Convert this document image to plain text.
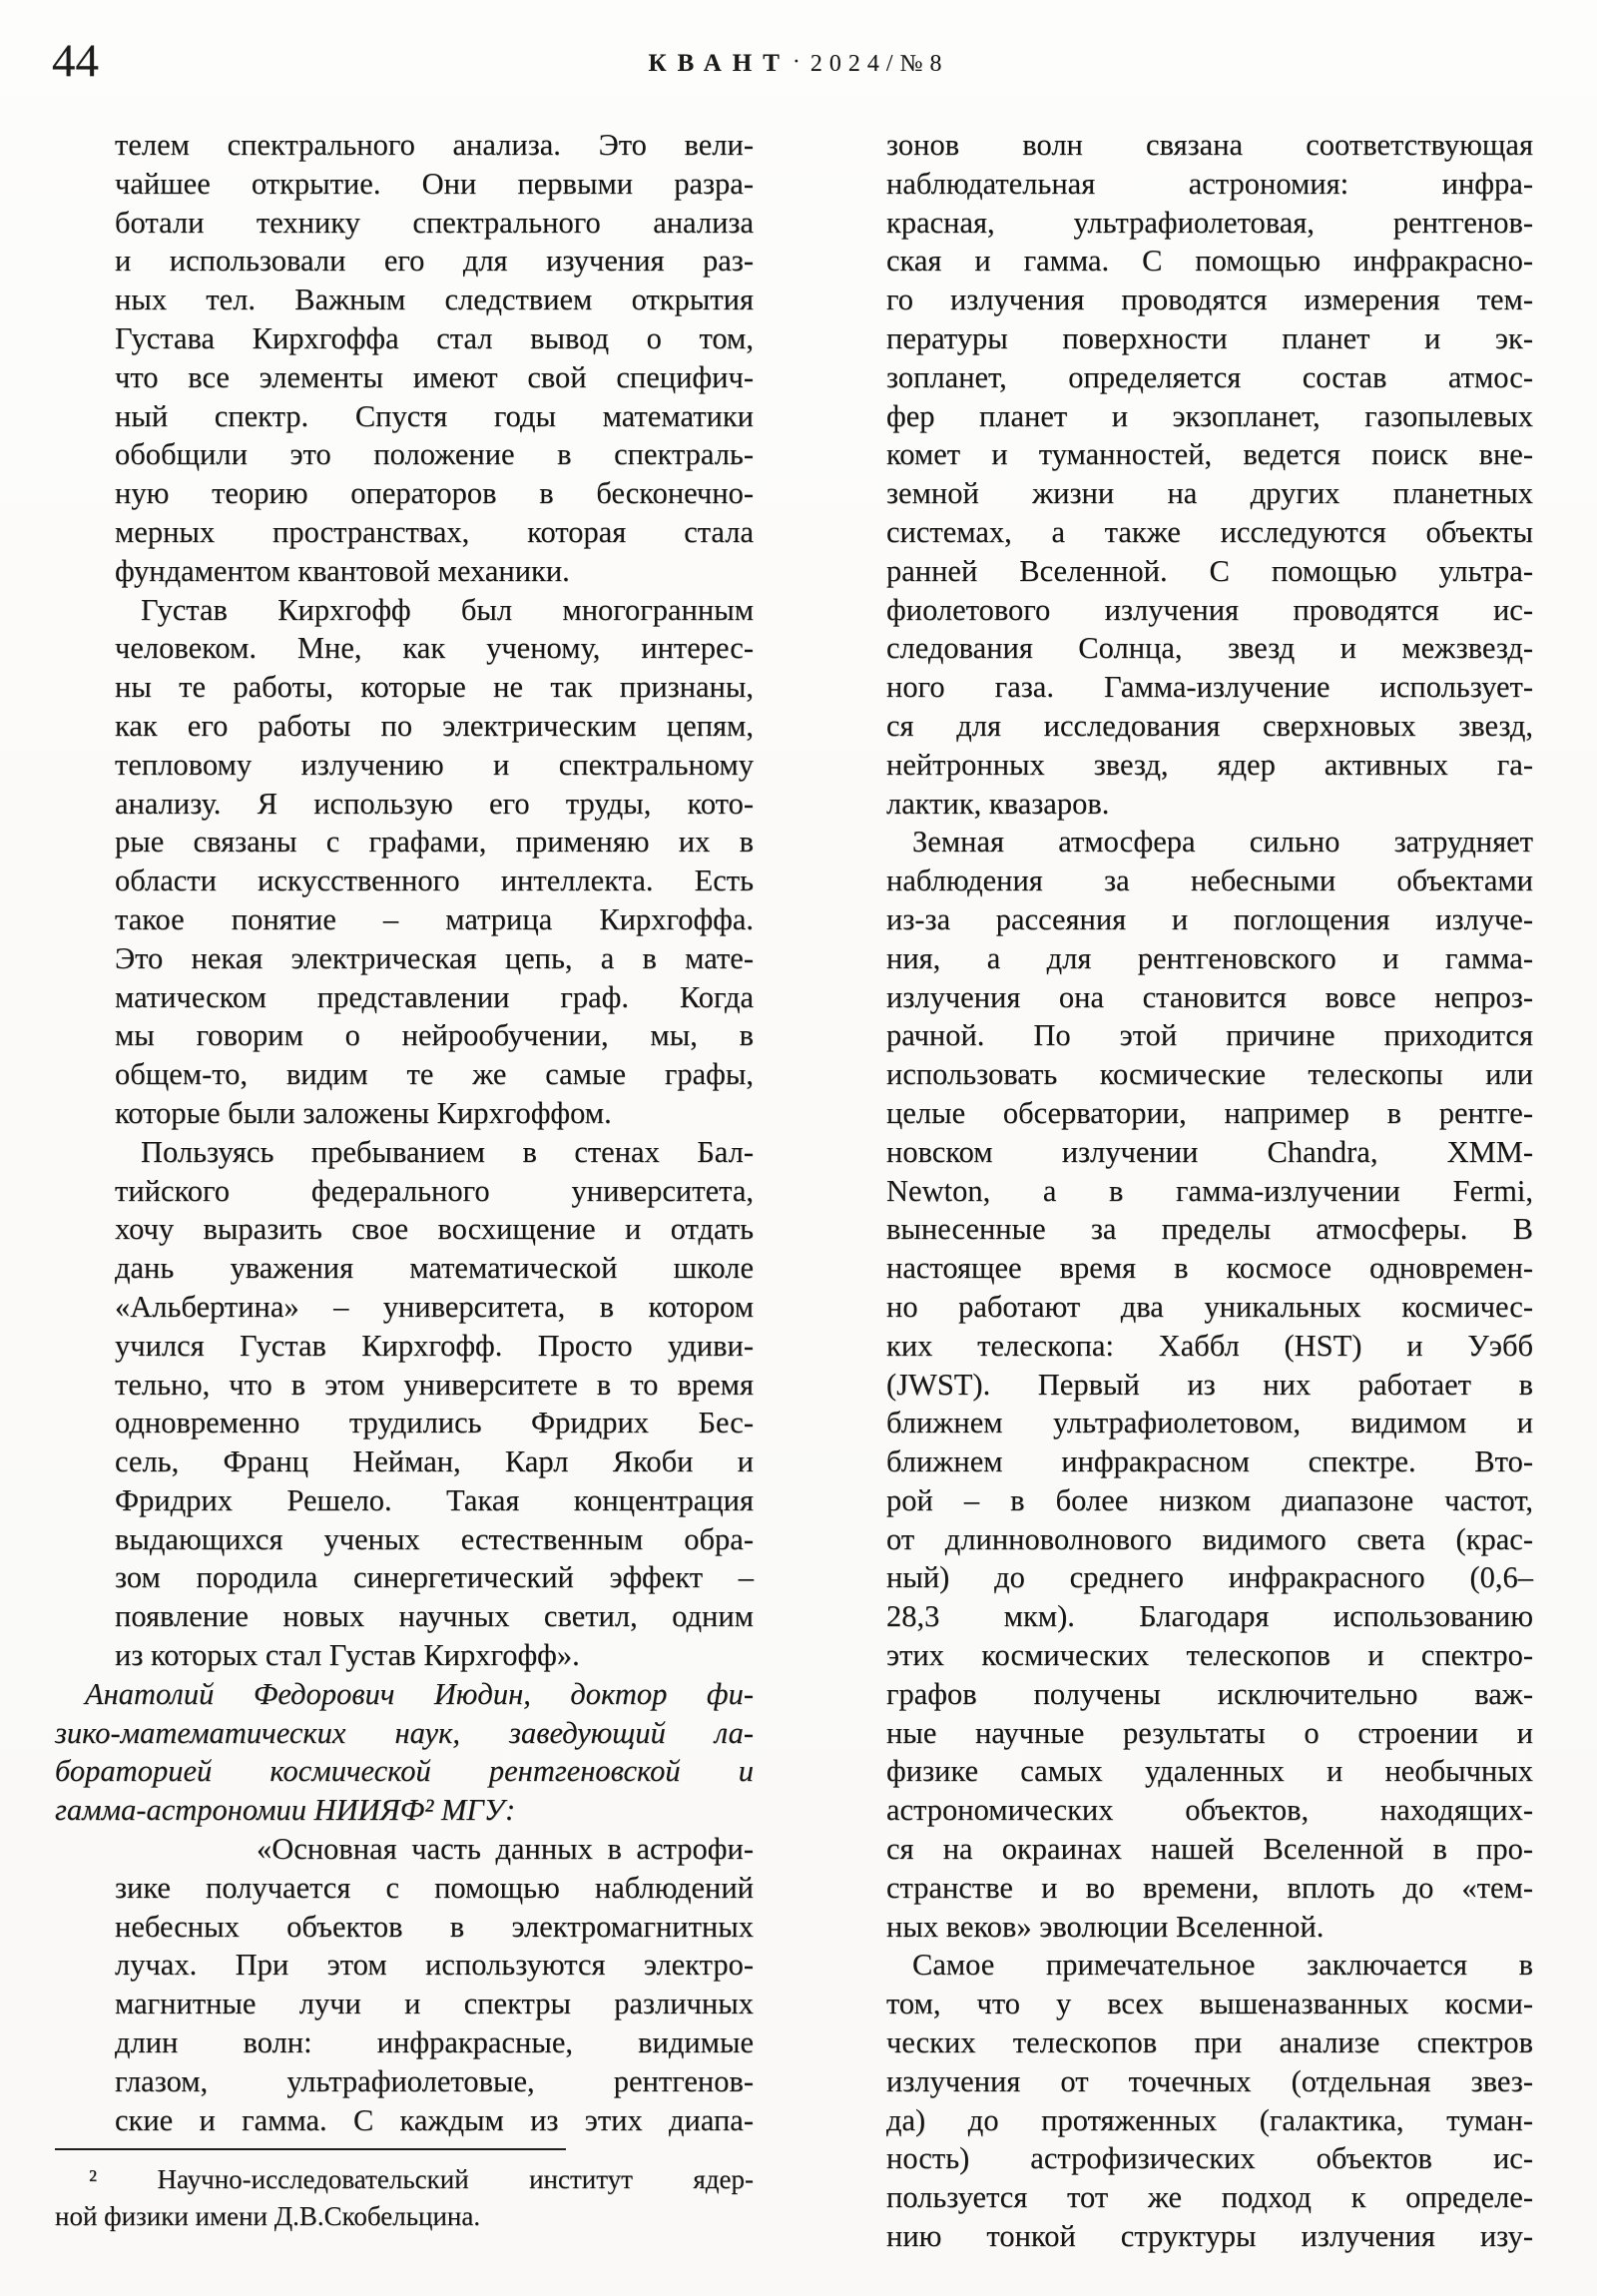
44	КВАНТ· 2024/№8
телем спектрального анализа. Это вели-
чайшее открытие. Они первыми разра-
ботали технику спектрального анализа
и использовали его для изучения раз-
ных тел. Важным следствием открытия
Густава Кирхгоффа стал вывод о том,
что все элементы имеют свой специфич-
ный спектр. Спустя годы математики
обобщили это положение в спектраль-
ную теорию операторов в бесконечно-
мерных пространствах, которая стала
фундаментом квантовой механики.
Густав Кирхгофф был многогранным
человеком. Мне, как ученому, интерес-
ны те работы, которые не так признаны,
как его работы по электрическим цепям,
тепловому излучению и спектральному
анализу. Я использую его труды, кото-
рые связаны с графами, применяю их в
области искусственного интеллекта. Есть
такое понятие – матрица Кирхгоффа.
Это некая электрическая цепь, а в мате-
матическом представлении граф. Когда
мы говорим о нейрообучении, мы, в
общем-то, видим те же самые графы,
которые были заложены Кирхгоффом.
Пользуясь пребыванием в стенах Бал-
тийского федерального университета,
хочу выразить свое восхищение и отдать
дань уважения математической школе
«Альбертина» – университета, в котором
учился Густав Кирхгофф. Просто удиви-
тельно, что в этом университете в то время
одновременно трудились Фридрих Бес-
сель, Франц Нейман, Карл Якоби и
Фридрих Решело. Такая концентрация
выдающихся ученых естественным обра-
зом породила синергетический эффект –
появление новых научных светил, одним
из которых стал Густав Кирхгофф».
Анатолий Федорович Июдин, доктор фи-
зико-математических наук, заведующий ла-
бораторией космической рентгеновской и
гамма-астрономии НИИЯФ² МГУ:
«Основная часть данных в астрофи-
зике получается с помощью наблюдений
небесных объектов в электромагнитных
лучах. При этом используются электро-
магнитные лучи и спектры различных
длин волн: инфракрасные, видимые
глазом, ультрафиолетовые, рентгенов-
ские и гамма. С каждым из этих диапа-
² Научно-исследовательский институт ядер-
ной физики имени Д.В.Скобельцина.
зонов волн связана соответствующая
наблюдательная астрономия: инфра-
красная, ультрафиолетовая, рентгенов-
ская и гамма. С помощью инфракрасно-
го излучения проводятся измерения тем-
пературы поверхности планет и эк-
зопланет, определяется состав атмос-
фер планет и экзопланет, газопылевых
комет и туманностей, ведется поиск вне-
земной жизни на других планетных
системах, а также исследуются объекты
ранней Вселенной. С помощью ультра-
фиолетового излучения проводятся ис-
следования Солнца, звезд и межзвезд-
ного газа. Гамма-излучение использует-
ся для исследования сверхновых звезд,
нейтронных звезд, ядер активных га-
лактик, квазаров.
Земная атмосфера сильно затрудняет
наблюдения за небесными объектами
из-за рассеяния и поглощения излуче-
ния, а для рентгеновского и гамма-
излучения она становится вовсе непроз-
рачной. По этой причине приходится
использовать космические телескопы или
целые обсерватории, например в рентге-
новском излучении Chandra, XMM-
Newton, а в гамма-излучении Fermi,
вынесенные за пределы атмосферы. В
настоящее время в космосе одновремен-
но работают два уникальных космичес-
ких телескопа: Хаббл (HST) и Уэбб
(JWST). Первый из них работает в
ближнем ультрафиолетовом, видимом и
ближнем инфракрасном спектре. Вто-
рой – в более низком диапазоне частот,
от длинноволнового видимого света (крас-
ный) до среднего инфракрасного (0,6–
28,3 мкм). Благодаря использованию
этих космических телескопов и спектро-
графов получены исключительно важ-
ные научные результаты о строении и
физике самых удаленных и необычных
астрономических объектов, находящих-
ся на окраинах нашей Вселенной в про-
странстве и во времени, вплоть до «тем-
ных веков» эволюции Вселенной.
Самое примечательное заключается в
том, что у всех вышеназванных косми-
ческих телескопов при анализе спектров
излучения от точечных (отдельная звез-
да) до протяженных (галактика, туман-
ность) астрофизических объектов ис-
пользуется тот же подход к определе-
нию тонкой структуры излучения изу-
